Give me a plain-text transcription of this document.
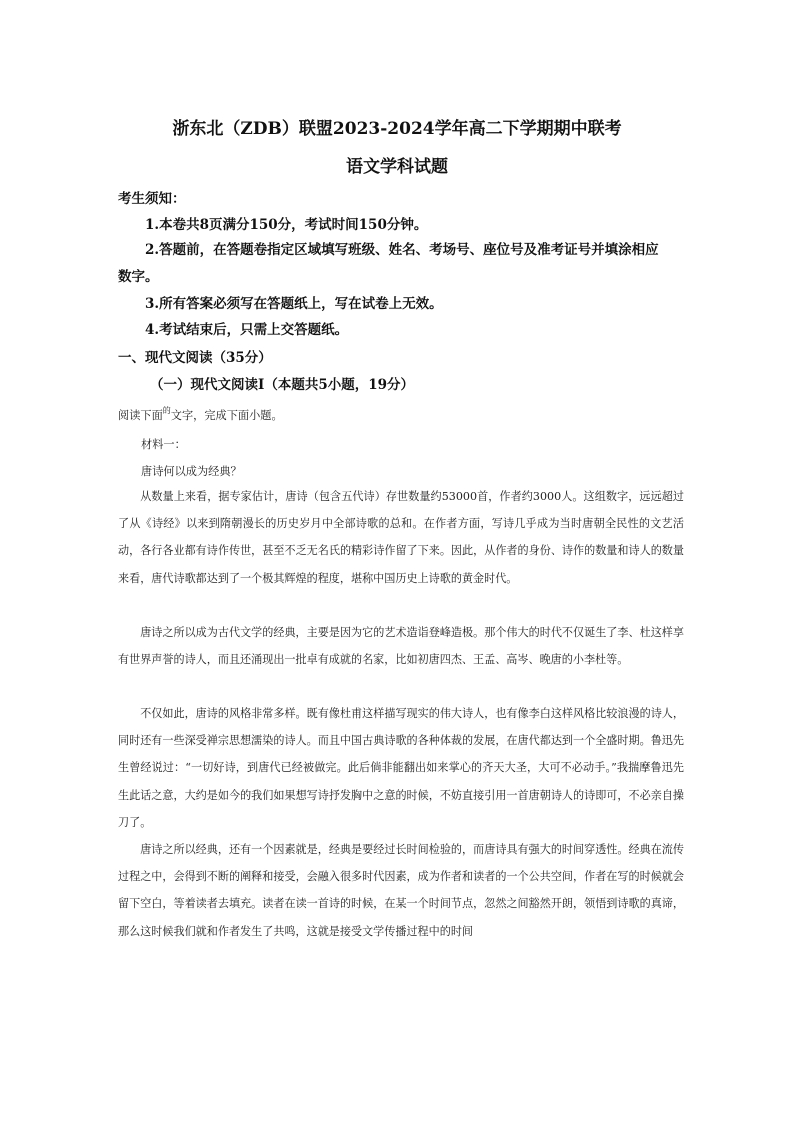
浙东北（ZDB）联盟2023-2024学年高二下学期期中联考
语文学科试题
考生须知：
1.本卷共8页满分150分，考试时间150分钟。
2.答题前，在答题卷指定区域填写班级、姓名、考场号、座位号及准考证号并填涂相应
数字。
3.所有答案必须写在答题纸上，写在试卷上无效。
4.考试结束后，只需上交答题纸。
一、现代文阅读（35分）
（一）现代文阅读Ⅰ（本题共5小题，19分）
阅读下面$^的$文字，完成下面小题。
材料一：
唐诗何以成为经典？

从数量上来看，据专家估计，唐诗（包含五代诗）存世数量约53000首，作者约3000人。这组数字，远远超过了从《诗经》以来到隋朝漫长的历史岁月中全部诗歌的总和。在作者方面，写诗几乎成为当时唐朝全民性的文艺活动，各行各业都有诗作传世，甚至不乏无名氏的精彩诗作留了下来。因此，从作者的身份、诗作的数量和诗人的数量来看，唐代诗歌都达到了一个极其辉煌的程度，堪称中国历史上诗歌的黄金时代。

唐诗之所以成为古代文学的经典，主要是因为它的艺术造诣登峰造极。那个伟大的时代不仅诞生了李、杜这样享有世界声誉的诗人，而且还涌现出一批卓有成就的名家，比如初唐四杰、王孟、高岑、晚唐的小李杜等。

不仅如此，唐诗的风格非常多样。既有像杜甫这样描写现实的伟大诗人，也有像李白这样风格比较浪漫的诗人，同时还有一些深受禅宗思想濡染的诗人。而且中国古典诗歌的各种体裁的发展，在唐代都达到一个全盛时期。鲁迅先生曾经说过：“一切好诗，到唐代已经被做完。此后倘非能翻出如来掌心的齐天大圣，大可不必动手。”我揣摩鲁迅先生此话之意，大约是如今的我们如果想写诗抒发胸中之意的时候，不妨直接引用一首唐朝诗人的诗即可，不必亲自操刀了。

唐诗之所以经典，还有一个因素就是，经典是要经过长时间检验的，而唐诗具有强大的时间穿透性。经典在流传过程之中，会得到不断的阐释和接受，会融入很多时代因素，成为作者和读者的一个公共空间，作者在写的时候就会留下空白，等着读者去填充。读者在读一首诗的时候，在某一个时间节点，忽然之间豁然开朗，领悟到诗歌的真谛，那么这时候我们就和作者发生了共鸣，这就是接受文学传播过程中的时间
